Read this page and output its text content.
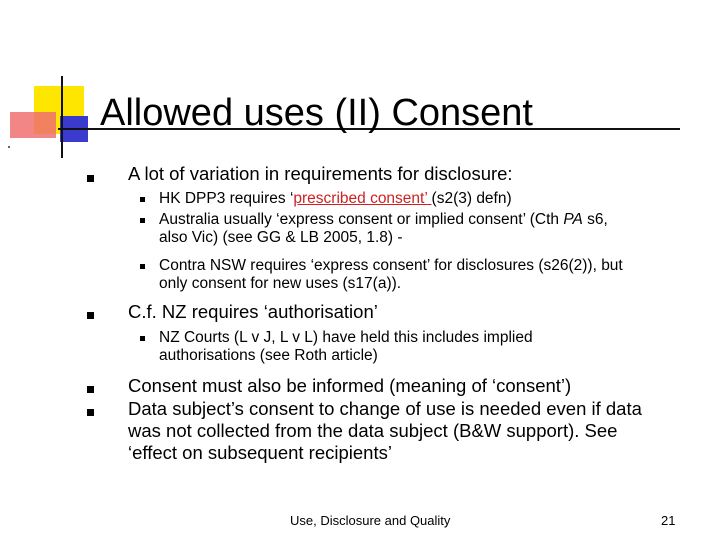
Allowed uses (II) Consent
A lot of variation in requirements for disclosure:
HK DPP3 requires ‘prescribed consent’ (s2(3) defn)
Australia usually ‘express consent or implied consent’ (Cth PA s6,
also Vic) (see GG & LB 2005, 1.8) -
Contra NSW requires ‘express consent’ for disclosures (s26(2)), but
only consent for new uses (s17(a)).
C.f. NZ requires ‘authorisation’
NZ Courts (L v J, L v L) have held this includes implied
authorisations (see Roth article)
Consent must also be informed (meaning of ‘consent’)
Data subject’s consent to change of use is needed even if data
was not collected from the data subject (B&W support). See
‘effect on subsequent recipients’
Use, Disclosure and Quality	21
